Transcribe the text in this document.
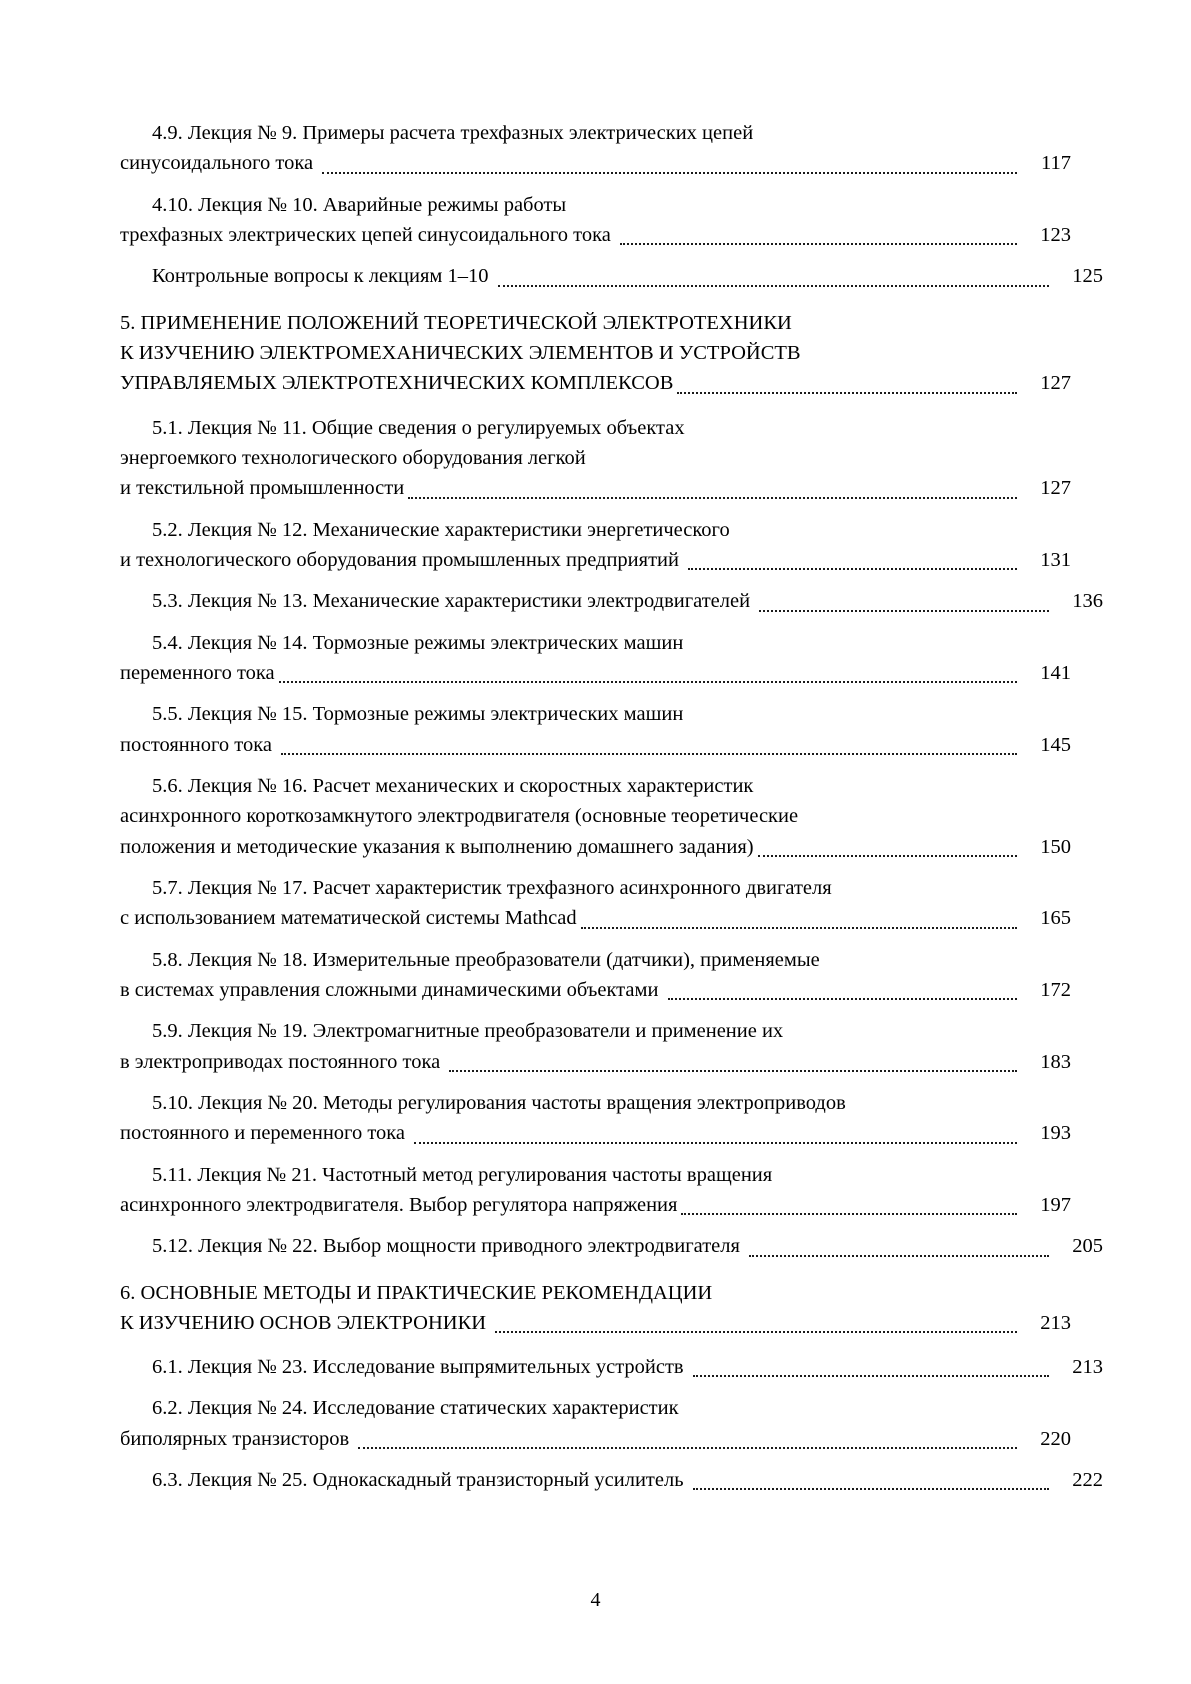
4.9. Лекция № 9. Примеры расчета трехфазных электрических цепей
синусоидального тока	117
4.10. Лекция № 10. Аварийные режимы работы
трехфазных электрических цепей синусоидального тока	123
Контрольные вопросы к лекциям 1–10	125
5. ПРИМЕНЕНИЕ ПОЛОЖЕНИЙ ТЕОРЕТИЧЕСКОЙ ЭЛЕКТРОТЕХНИКИ
К ИЗУЧЕНИЮ ЭЛЕКТРОМЕХАНИЧЕСКИХ ЭЛЕМЕНТОВ И УСТРОЙСТВ
УПРАВЛЯЕМЫХ ЭЛЕКТРОТЕХНИЧЕСКИХ КОМПЛЕКСОВ	127
5.1. Лекция № 11. Общие сведения о регулируемых объектах
энергоемкого технологического оборудования легкой
и текстильной промышленности	127
5.2. Лекция № 12. Механические характеристики энергетического
и технологического оборудования промышленных предприятий	131
5.3. Лекция № 13. Механические характеристики электродвигателей	136
5.4. Лекция № 14. Тормозные режимы электрических машин
переменного тока	141
5.5. Лекция № 15. Тормозные режимы электрических машин
постоянного тока	145
5.6. Лекция № 16. Расчет механических и скоростных характеристик
асинхронного короткозамкнутого электродвигателя (основные теоретические
положения и методические указания к выполнению домашнего задания)	150
5.7. Лекция № 17. Расчет характеристик трехфазного асинхронного двигателя
с использованием математической системы Mathcad	165
5.8. Лекция № 18. Измерительные преобразователи (датчики), применяемые
в системах управления сложными динамическими объектами	172
5.9. Лекция № 19. Электромагнитные преобразователи и применение их
в электроприводах постоянного тока	183
5.10. Лекция № 20. Методы регулирования частоты вращения электроприводов
постоянного и переменного тока	193
5.11. Лекция № 21. Частотный метод регулирования частоты вращения
асинхронного электродвигателя. Выбор регулятора напряжения	197
5.12. Лекция № 22. Выбор мощности приводного электродвигателя	205
6. ОСНОВНЫЕ МЕТОДЫ И ПРАКТИЧЕСКИЕ РЕКОМЕНДАЦИИ
К ИЗУЧЕНИЮ ОСНОВ ЭЛЕКТРОНИКИ	213
6.1. Лекция № 23. Исследование выпрямительных устройств	213
6.2. Лекция № 24. Исследование статических характеристик
биполярных транзисторов	220
6.3. Лекция № 25. Однокаскадный транзисторный усилитель	222
4
